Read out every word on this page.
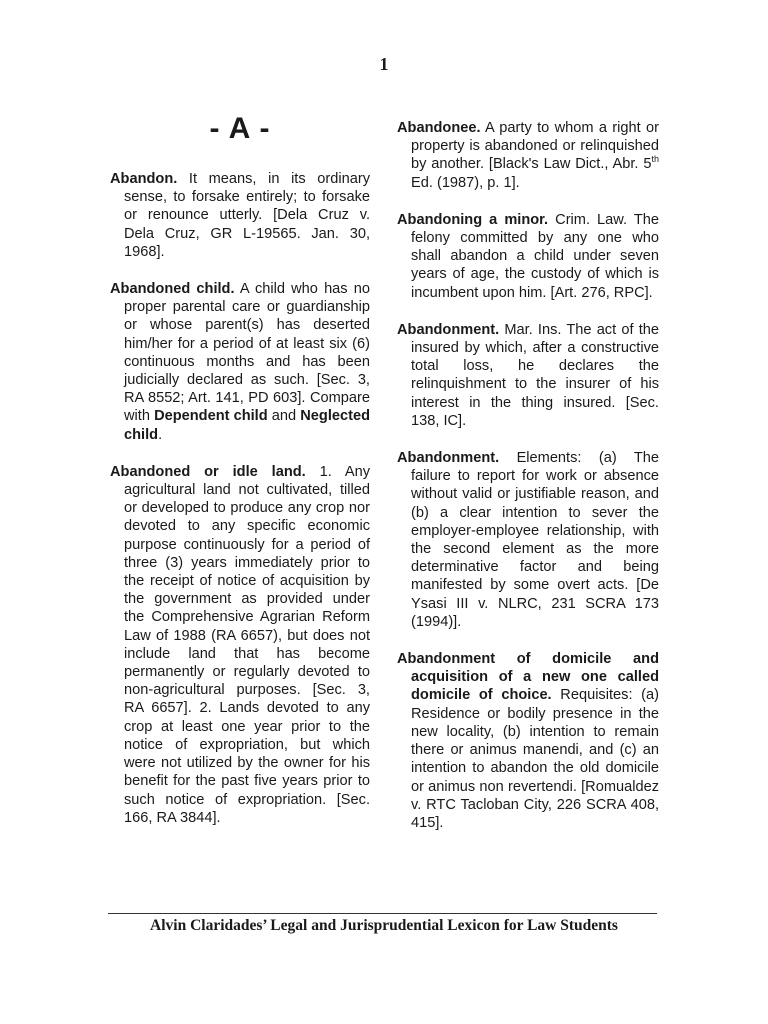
1
- A -

Abandon. It means, in its ordinary sense, to forsake entirely; to forsake or renounce utterly. [Dela Cruz v. Dela Cruz, GR L-19565. Jan. 30, 1968].

Abandoned child. A child who has no proper parental care or guardianship or whose parent(s) has deserted him/her for a period of at least six (6) continuous months and has been judicially declared as such. [Sec. 3, RA 8552; Art. 141, PD 603]. Compare with Dependent child and Neglected child.

Abandoned or idle land. 1. Any agricultural land not cultivated, tilled or developed to produce any crop nor devoted to any specific economic purpose continuously for a period of three (3) years immediately prior to the receipt of notice of acquisition by the government as provided under the Comprehensive Agrarian Reform Law of 1988 (RA 6657), but does not include land that has become permanently or regularly devoted to non-agricultural purposes. [Sec. 3, RA 6657]. 2. Lands devoted to any crop at least one year prior to the notice of expropriation, but which were not utilized by the owner for his benefit for the past five years prior to such notice of expropriation. [Sec. 166, RA 3844].

Abandonee. A party to whom a right or property is abandoned or relinquished by another. [Black's Law Dict., Abr. 5th Ed. (1987), p. 1].

Abandoning a minor. Crim. Law. The felony committed by any one who shall abandon a child under seven years of age, the custody of which is incumbent upon him. [Art. 276, RPC].

Abandonment. Mar. Ins. The act of the insured by which, after a constructive total loss, he declares the relinquishment to the insurer of his interest in the thing insured. [Sec. 138, IC].

Abandonment. Elements: (a) The failure to report for work or absence without valid or justifiable reason, and (b) a clear intention to sever the employer-employee relationship, with the second element as the more determinative factor and being manifested by some overt acts. [De Ysasi III v. NLRC, 231 SCRA 173 (1994)].

Abandonment of domicile and acquisition of a new one called domicile of choice. Requisites: (a) Residence or bodily presence in the new locality, (b) intention to remain there or animus manendi, and (c) an intention to abandon the old domicile or animus non revertendi. [Romualdez v. RTC Tacloban City, 226 SCRA 408, 415].

Alvin Claridades’ Legal and Jurisprudential Lexicon for Law Students
